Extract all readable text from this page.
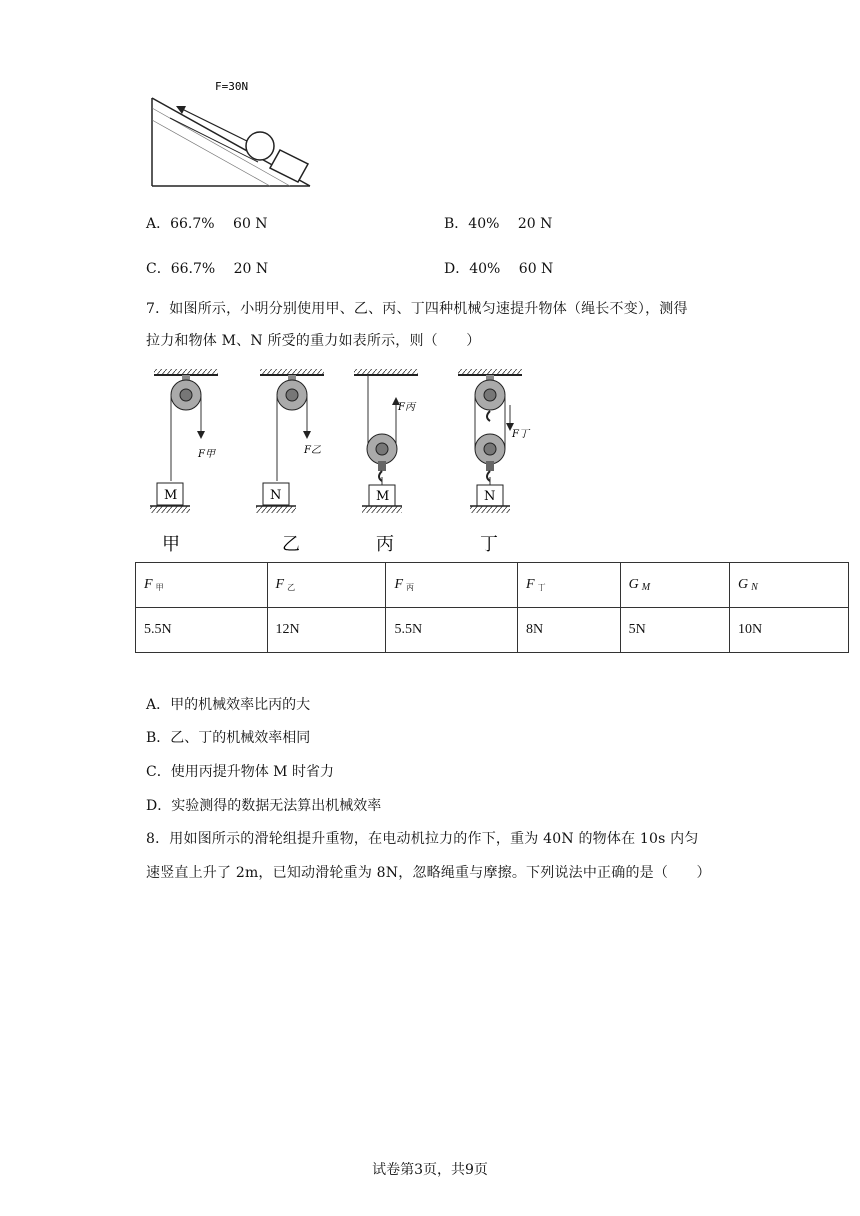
F=30N
A．66.7%　 60 N	B．40%　 20 N
C．66.7%　 20 N	D．40%　 60 N
7．如图所示，小明分别使用甲、乙、丙、丁四种机械匀速提升物体（绳长不变），测得
拉力和物体 M、N 所受的重力如表所示，则（　　）
F甲
M
F乙
N
F丙
M
F丁
N
甲	乙	丙	丁
F $_甲$	F $_乙$	F $_丙$	F $_丁$	G $_M$	G $_N$
5.5N	12N	5.5N	8N	5N	10N
A．甲的机械效率比丙的大
B．乙、丁的机械效率相同
C．使用丙提升物体 M 时省力
D．实验测得的数据无法算出机械效率
8．用如图所示的滑轮组提升重物，在电动机拉力的作下，重为 40N 的物体在 10s 内匀
速竖直上升了 2m，已知动滑轮重为 8N，忽略绳重与摩擦。下列说法中正确的是（　　）
试卷第3页，共9页
